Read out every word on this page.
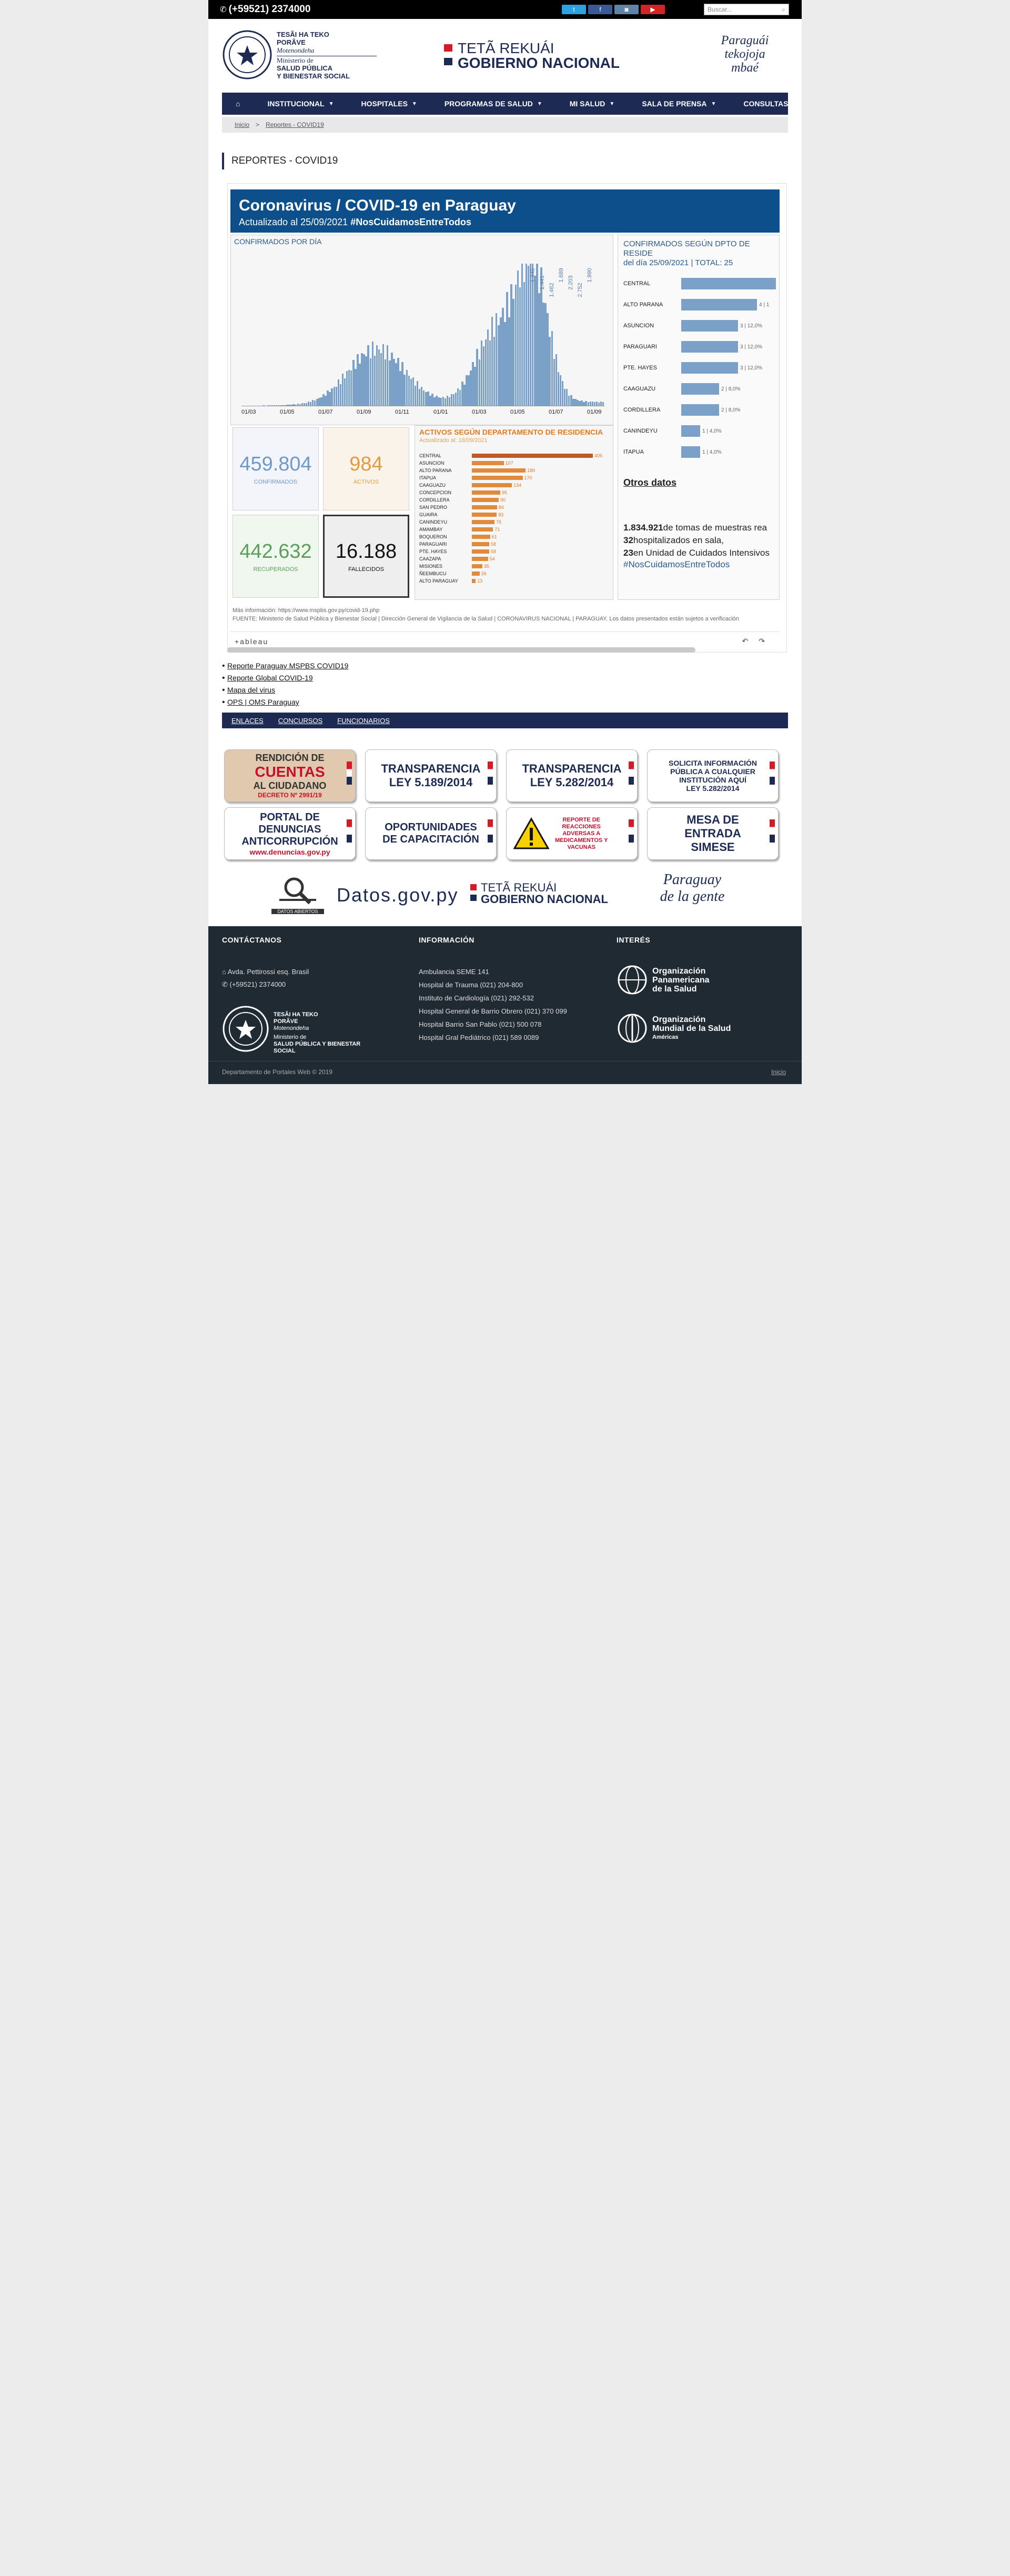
✆ (+59521) 2374000	t	f	◙	▶	Buscar...	⌕
TESÃI HA TEKO
PORÃVE
Motenondeha
Ministerio de
SALUD PÚBLICA
Y BIENESTAR SOCIAL
TETÃ REKUÁI
GOBIERNO NACIONAL
Paraguái
tekojoja
mbaé
⌂	INSTITUCIONAL ▼	HOSPITALES ▼	PROGRAMAS DE SALUD ▼	MI SALUD ▼	SALA DE PRENSA ▼	CONSULTAS ▼
Inicio > Reportes - COVID19
REPORTES - COVID19
Coronavirus / COVID-19 en Paraguay
Actualizado al 25/09/2021 #NosCuidamosEntreTodos
CONFIRMADOS POR DÍA
1.445
1.441
1.462
1.689
2.203
2.752
1.990
01/03	01/05	01/07	01/09	01/11	01/01	01/03	01/05	01/07	01/09
CONFIRMADOS SEGÚN DPTO DE RESIDE
del día 25/09/2021 | TOTAL: 25
CENTRAL
ALTO PARANA	4 | 1
ASUNCION	3 | 12,0%
PARAGUARI	3 | 12,0%
PTE. HAYES	3 | 12,0%
CAAGUAZU	2 | 8,0%
CORDILLERA	2 | 8,0%
CANINDEYU	1 | 4,0%
ITAPUA	1 | 4,0%
Otros datos
1.834.921de tomas de muestras rea
32hospitalizados en sala,
23en Unidad de Cuidados Intensivos
#NosCuidamosEntreTodos
459.804
CONFIRMADOS
984
ACTIVOS
442.632
RECUPERADOS
16.188
FALLECIDOS
ACTIVOS SEGÚN DEPARTAMENTO DE RESIDENCIA
Actualizado al: 18/09/2021
CENTRAL	405
ASUNCION	107
ALTO PARANA	180
ITAPUA	170
CAAGUAZU	134
CONCEPCION	95
CORDILLERA	90
SAN PEDRO	84
GUAIRA	83
CANINDEYU	76
AMAMBAY	71
BOQUERON	61
PARAGUARI	58
PTE. HAYES	58
CAAZAPA	54
MISIONES	35
ÑEEMBUCU	26
ALTO PARAGUAY	13
Más información: https://www.mspbs.gov.py/covid-19.php
FUENTE: Ministerio de Salud Pública y Bienestar Social | Dirección General de Vigilancia de la Salud | CORONAVIRUS NACIONAL | PARAGUAY. Los datos presentados están sujetos a verificación
+ableau	↶↷
• Reporte Paraguay MSPBS COVID19
• Reporte Global COVID-19
• Mapa del virus
• OPS | OMS Paraguay
ENLACES CONCURSOS FUNCIONARIOS
RENDICIÓN DE
CUENTAS
AL CIUDADANO
DECRETO Nº 2991/19
TRANSPARENCIA
LEY 5.189/2014
TRANSPARENCIA
LEY 5.282/2014
SOLICITA INFORMACIÓN
PÚBLICA A CUALQUIER
INSTITUCIÓN AQUÍ
LEY 5.282/2014
PORTAL DE
DENUNCIAS
ANTICORRUPCIÓN
www.denuncias.gov.py
OPORTUNIDADES
DE CAPACITACIÓN
REPORTE DE
REACCIONES
ADVERSAS A
MEDICAMENTOS Y
VACUNAS
MESA DE
ENTRADA
SIMESE
DATOS ABIERTOS
Datos.gov.py TETÃ REKUÁI
GOBIERNO NACIONAL
Paraguay
de la gente
CONTÁCTANOS
⌂ Avda. Pettirossi esq. Brasil
✆ (+59521) 2374000
TESÃI HA TEKO
PORÃVE
Motenondeha
Ministerio de
SALUD PÚBLICA Y BIENESTAR SOCIAL
INFORMACIÓN
Ambulancia SEME 141
Hospital de Trauma (021) 204-800
Instituto de Cardiología (021) 292-532
Hospital General de Barrio Obrero (021) 370 099
Hospital Barrio San Pablo (021) 500 078
Hospital Gral Pediátrico (021) 589 0089
INTERÉS
Organización
Panamericana
de la Salud
Organización
Mundial de la Salud
Américas
Departamento de Portales Web © 2019	Inicio
